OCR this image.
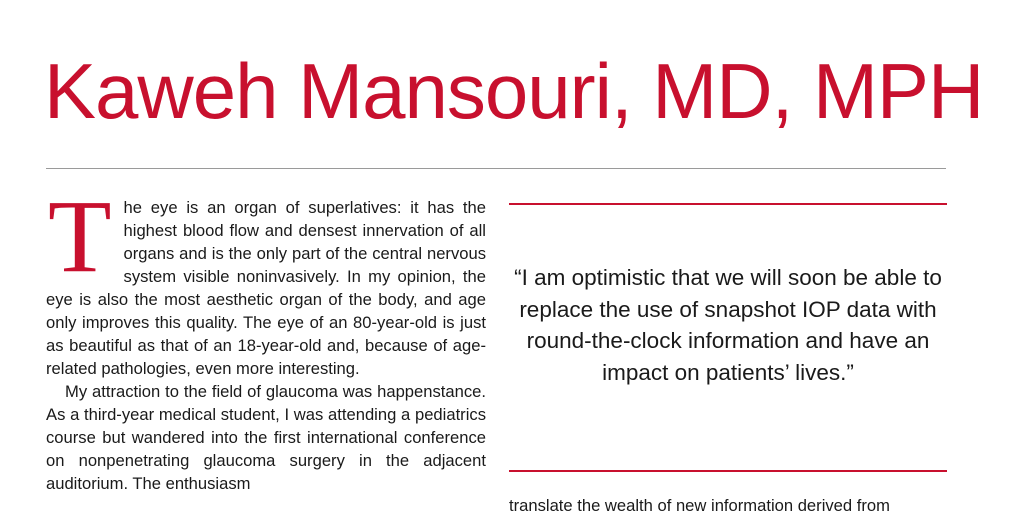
Kaweh Mansouri, MD, MPH
T he eye is an organ of superlatives: it has the highest blood flow and densest innervation of all organs and is the only part of the central nervous system visible noninvasively. In my opinion, the eye is also the most aesthetic organ of the body, and age only improves this quality. The eye of an 80-year-old is just as beautiful as that of an 18-year-old and, because of age-related pathologies, even more interesting.

My attraction to the field of glaucoma was happenstance. As a third-year medical student, I was attending a pediatrics course but wandered into the first international conference on nonpenetrating glaucoma surgery in the adjacent auditorium. The enthusiasm

“I am optimistic that we will soon be able to replace the use of snapshot IOP data with round-the-clock information and have an impact on patients’ lives.”

translate the wealth of new information derived from
